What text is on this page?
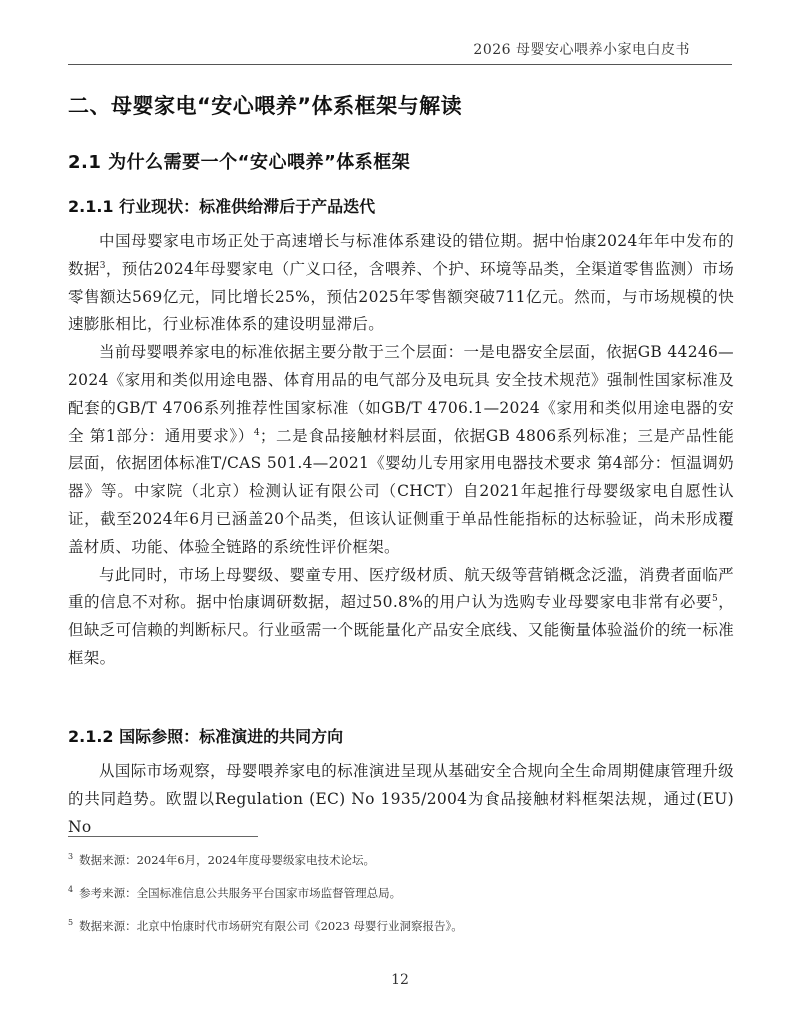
2026 母婴安心喂养小家电白皮书
二、母婴家电“安心喂养”体系框架与解读
2.1 为什么需要一个“安心喂养”体系框架
2.1.1 行业现状：标准供给滞后于产品迭代

中国母婴家电市场正处于高速增长与标准体系建设的错位期。据中怡康2024年年中发布的数据$^3$，预估2024年母婴家电（广义口径，含喂养、个护、环境等品类，全渠道零售监测）市场零售额达569亿元，同比增长25%，预估2025年零售额突破711亿元。然而，与市场规模的快速膨胀相比，行业标准体系的建设明显滞后。

当前母婴喂养家电的标准依据主要分散于三个层面：一是电器安全层面，依据GB 44246—2024《家用和类似用途电器、体育用品的电气部分及电玩具 安全技术规范》强制性国家标准及配套的GB/T 4706系列推荐性国家标准（如GB/T 4706.1—2024《家用和类似用途电器的安全 第1部分：通用要求》）$^4$；二是食品接触材料层面，依据GB 4806系列标准；三是产品性能层面，依据团体标准T/CAS 501.4—2021《婴幼儿专用家用电器技术要求 第4部分：恒温调奶器》等。中家院（北京）检测认证有限公司（CHCT）自2021年起推行母婴级家电自愿性认证，截至2024年6月已涵盖20个品类，但该认证侧重于单品性能指标的达标验证，尚未形成覆盖材质、功能、体验全链路的系统性评价框架。

与此同时，市场上母婴级、婴童专用、医疗级材质、航天级等营销概念泛滥，消费者面临严重的信息不对称。据中怡康调研数据，超过50.8%的用户认为选购专业母婴家电非常有必要$^5$，但缺乏可信赖的判断标尺。行业亟需一个既能量化产品安全底线、又能衡量体验溢价的统一标准框架。

2.1.2 国际参照：标准演进的共同方向

从国际市场观察，母婴喂养家电的标准演进呈现从基础安全合规向全生命周期健康管理升级的共同趋势。欧盟以Regulation (EC) No 1935/2004为食品接触材料框架法规，通过(EU) No

$^3$ 数据来源：2024年6月，2024年度母婴级家电技术论坛。

$^4$ 参考来源：全国标准信息公共服务平台国家市场监督管理总局。

$^5$ 数据来源：北京中怡康时代市场研究有限公司《2023 母婴行业洞察报告》。

12
